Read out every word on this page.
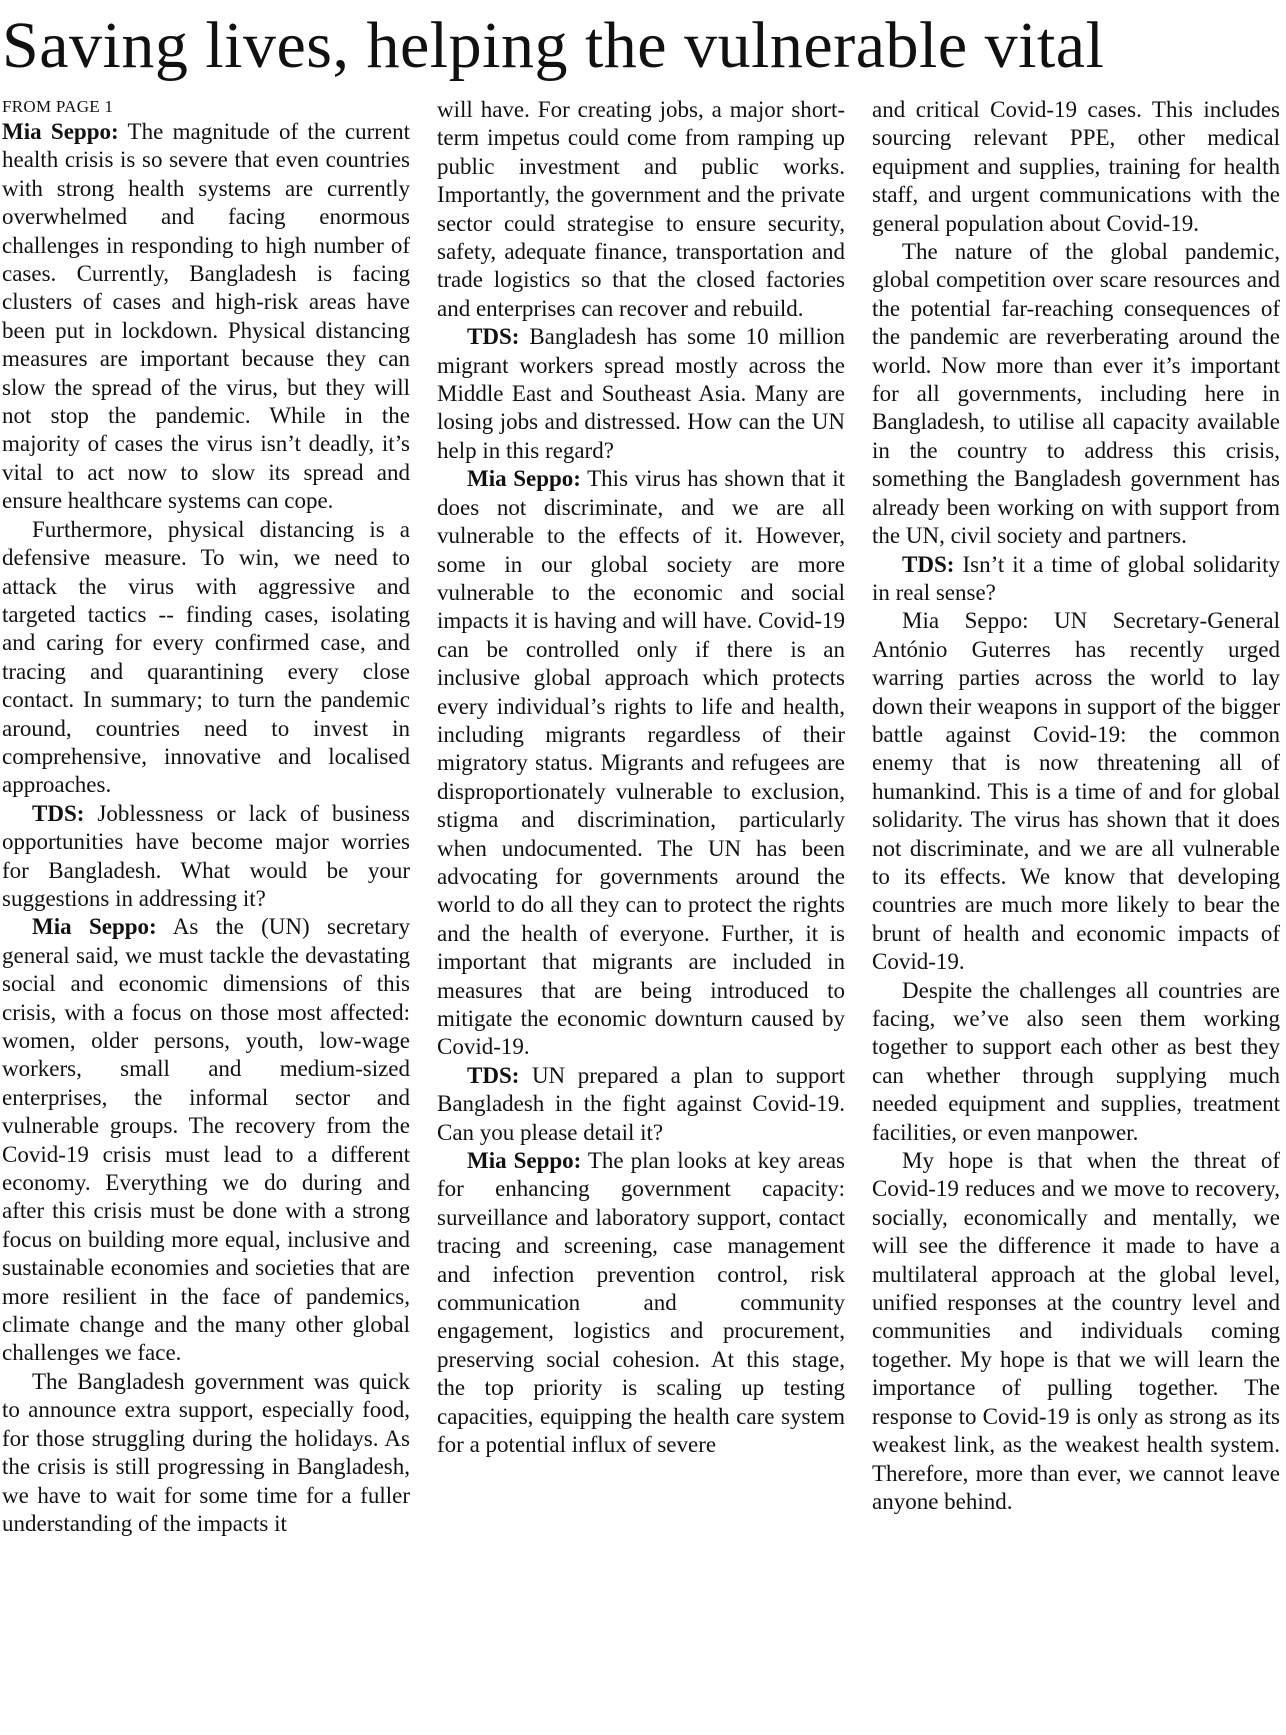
Saving lives, helping the vulnerable vital
FROM PAGE 1

Mia Seppo: The magnitude of the current health crisis is so severe that even countries with strong health systems are currently overwhelmed and facing enormous challenges in responding to high number of cases. Currently, Bangladesh is facing clusters of cases and high-risk areas have been put in lockdown. Physical distancing measures are important because they can slow the spread of the virus, but they will not stop the pandemic. While in the majority of cases the virus isn’t deadly, it’s vital to act now to slow its spread and ensure healthcare systems can cope.

Furthermore, physical distancing is a defensive measure. To win, we need to attack the virus with aggressive and targeted tactics -- finding cases, isolating and caring for every confirmed case, and tracing and quarantining every close contact. In summary; to turn the pandemic around, countries need to invest in comprehensive, innovative and localised approaches.

TDS: Joblessness or lack of business opportunities have become major worries for Bangladesh. What would be your suggestions in addressing it?

Mia Seppo: As the (UN) secretary general said, we must tackle the devastating social and economic dimensions of this crisis, with a focus on those most affected: women, older persons, youth, low-wage workers, small and medium-sized enterprises, the informal sector and vulnerable groups. The recovery from the Covid-19 crisis must lead to a different economy. Everything we do during and after this crisis must be done with a strong focus on building more equal, inclusive and sustainable economies and societies that are more resilient in the face of pandemics, climate change and the many other global challenges we face.

The Bangladesh government was quick to announce extra support, especially food, for those struggling during the holidays. As the crisis is still progressing in Bangladesh, we have to wait for some time for a fuller understanding of the impacts it

will have. For creating jobs, a major short-term impetus could come from ramping up public investment and public works. Importantly, the government and the private sector could strategise to ensure security, safety, adequate finance, transportation and trade logistics so that the closed factories and enterprises can recover and rebuild.

TDS: Bangladesh has some 10 million migrant workers spread mostly across the Middle East and Southeast Asia. Many are losing jobs and distressed. How can the UN help in this regard?

Mia Seppo: This virus has shown that it does not discriminate, and we are all vulnerable to the effects of it. However, some in our global society are more vulnerable to the economic and social impacts it is having and will have. Covid-19 can be controlled only if there is an inclusive global approach which protects every individual’s rights to life and health, including migrants regardless of their migratory status. Migrants and refugees are disproportionately vulnerable to exclusion, stigma and discrimination, particularly when undocumented. The UN has been advocating for governments around the world to do all they can to protect the rights and the health of everyone. Further, it is important that migrants are included in measures that are being introduced to mitigate the economic downturn caused by Covid-19.

TDS: UN prepared a plan to support Bangladesh in the fight against Covid-19. Can you please detail it?

Mia Seppo: The plan looks at key areas for enhancing government capacity: surveillance and laboratory support, contact tracing and screening, case management and infection prevention control, risk communication and community engagement, logistics and procurement, preserving social cohesion. At this stage, the top priority is scaling up testing capacities, equipping the health care system for a potential influx of severe

and critical Covid-19 cases. This includes sourcing relevant PPE, other medical equipment and supplies, training for health staff, and urgent communications with the general population about Covid-19.

The nature of the global pandemic, global competition over scare resources and the potential far-reaching consequences of the pandemic are reverberating around the world. Now more than ever it’s important for all governments, including here in Bangladesh, to utilise all capacity available in the country to address this crisis, something the Bangladesh government has already been working on with support from the UN, civil society and partners.

TDS: Isn’t it a time of global solidarity in real sense?

Mia Seppo: UN Secretary-General António Guterres has recently urged warring parties across the world to lay down their weapons in support of the bigger battle against Covid-19: the common enemy that is now threatening all of humankind. This is a time of and for global solidarity. The virus has shown that it does not discriminate, and we are all vulnerable to its effects. We know that developing countries are much more likely to bear the brunt of health and economic impacts of Covid-19.

Despite the challenges all countries are facing, we’ve also seen them working together to support each other as best they can whether through supplying much needed equipment and supplies, treatment facilities, or even manpower.

My hope is that when the threat of Covid-19 reduces and we move to recovery, socially, economically and mentally, we will see the difference it made to have a multilateral approach at the global level, unified responses at the country level and communities and individuals coming together. My hope is that we will learn the importance of pulling together. The response to Covid-19 is only as strong as its weakest link, as the weakest health system. Therefore, more than ever, we cannot leave anyone behind.
